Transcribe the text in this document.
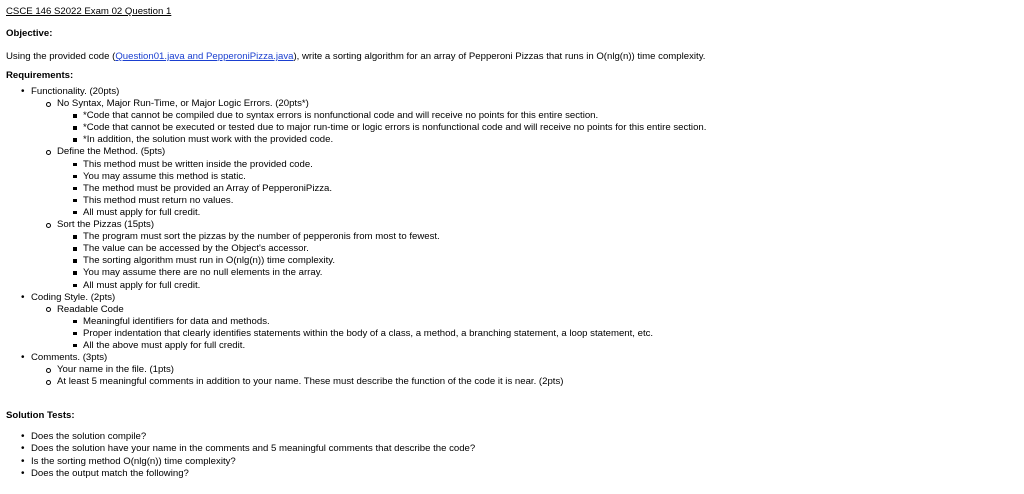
CSCE 146 S2022 Exam 02 Question 1
Objective:
Using the provided code (Question01.java and PepperoniPizza.java), write a sorting algorithm for an array of Pepperoni Pizzas that runs in O(nlg(n)) time complexity.
Requirements:
• Functionality. (20pts)
No Syntax, Major Run-Time, or Major Logic Errors. (20pts*)
*Code that cannot be compiled due to syntax errors is nonfunctional code and will receive no points for this entire section.
*Code that cannot be executed or tested due to major run-time or logic errors is nonfunctional code and will receive no points for this entire section.
*In addition, the solution must work with the provided code.
Define the Method. (5pts)
This method must be written inside the provided code.
You may assume this method is static.
The method must be provided an Array of PepperoniPizza.
This method must return no values.
All must apply for full credit.
Sort the Pizzas (15pts)
The program must sort the pizzas by the number of pepperonis from most to fewest.
The value can be accessed by the Object's accessor.
The sorting algorithm must run in O(nlg(n)) time complexity.
You may assume there are no null elements in the array.
All must apply for full credit.
• Coding Style. (2pts)
Readable Code
Meaningful identifiers for data and methods.
Proper indentation that clearly identifies statements within the body of a class, a method, a branching statement, a loop statement, etc.
All the above must apply for full credit.
• Comments. (3pts)
Your name in the file. (1pts)
At least 5 meaningful comments in addition to your name. These must describe the function of the code it is near. (2pts)
Solution Tests:
• Does the solution compile?
• Does the solution have your name in the comments and 5 meaningful comments that describe the code?
• Is the sorting method O(nlg(n)) time complexity?
• Does the output match the following?
